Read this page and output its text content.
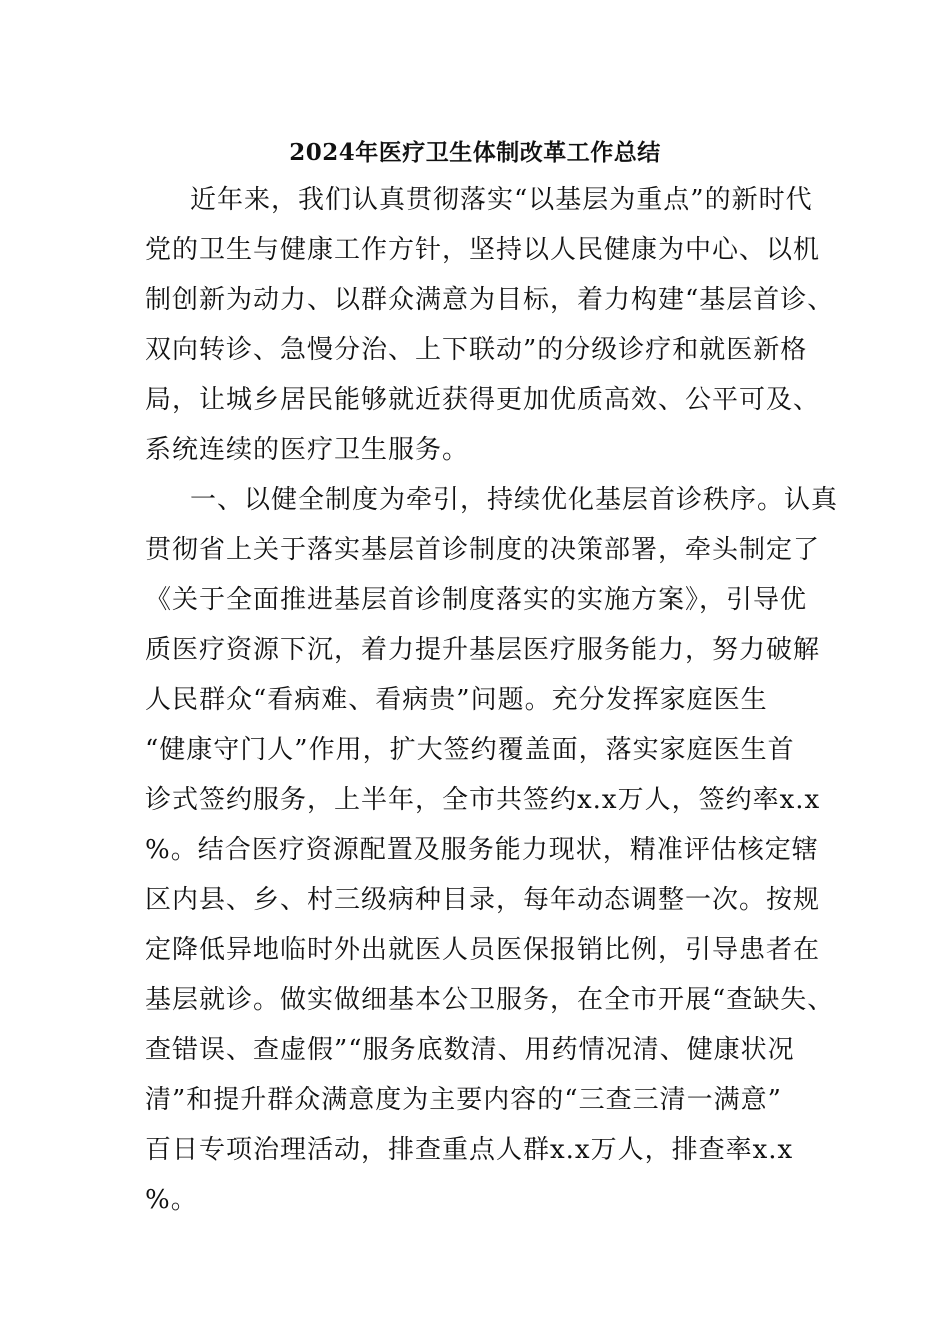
2024年医疗卫生体制改革工作总结
近年来，我们认真贯彻落实“以基层为重点”的新时代
党的卫生与健康工作方针，坚持以人民健康为中心、以机
制创新为动力、以群众满意为目标，着力构建“基层首诊、
双向转诊、急慢分治、上下联动”的分级诊疗和就医新格
局，让城乡居民能够就近获得更加优质高效、公平可及、
系统连续的医疗卫生服务。
一、以健全制度为牵引，持续优化基层首诊秩序。认真
贯彻省上关于落实基层首诊制度的决策部署，牵头制定了
《关于全面推进基层首诊制度落实的实施方案》，引导优
质医疗资源下沉，着力提升基层医疗服务能力，努力破解
人民群众“看病难、看病贵”问题。充分发挥家庭医生
“健康守门人”作用，扩大签约覆盖面，落实家庭医生首
诊式签约服务，上半年，全市共签约x.x万人，签约率x.x
%。结合医疗资源配置及服务能力现状，精准评估核定辖
区内县、乡、村三级病种目录，每年动态调整一次。按规
定降低异地临时外出就医人员医保报销比例，引导患者在
基层就诊。做实做细基本公卫服务，在全市开展“查缺失、
查错误、查虚假”“服务底数清、用药情况清、健康状况
清”和提升群众满意度为主要内容的“三查三清一满意”
百日专项治理活动，排查重点人群x.x万人，排查率x.x
%。
